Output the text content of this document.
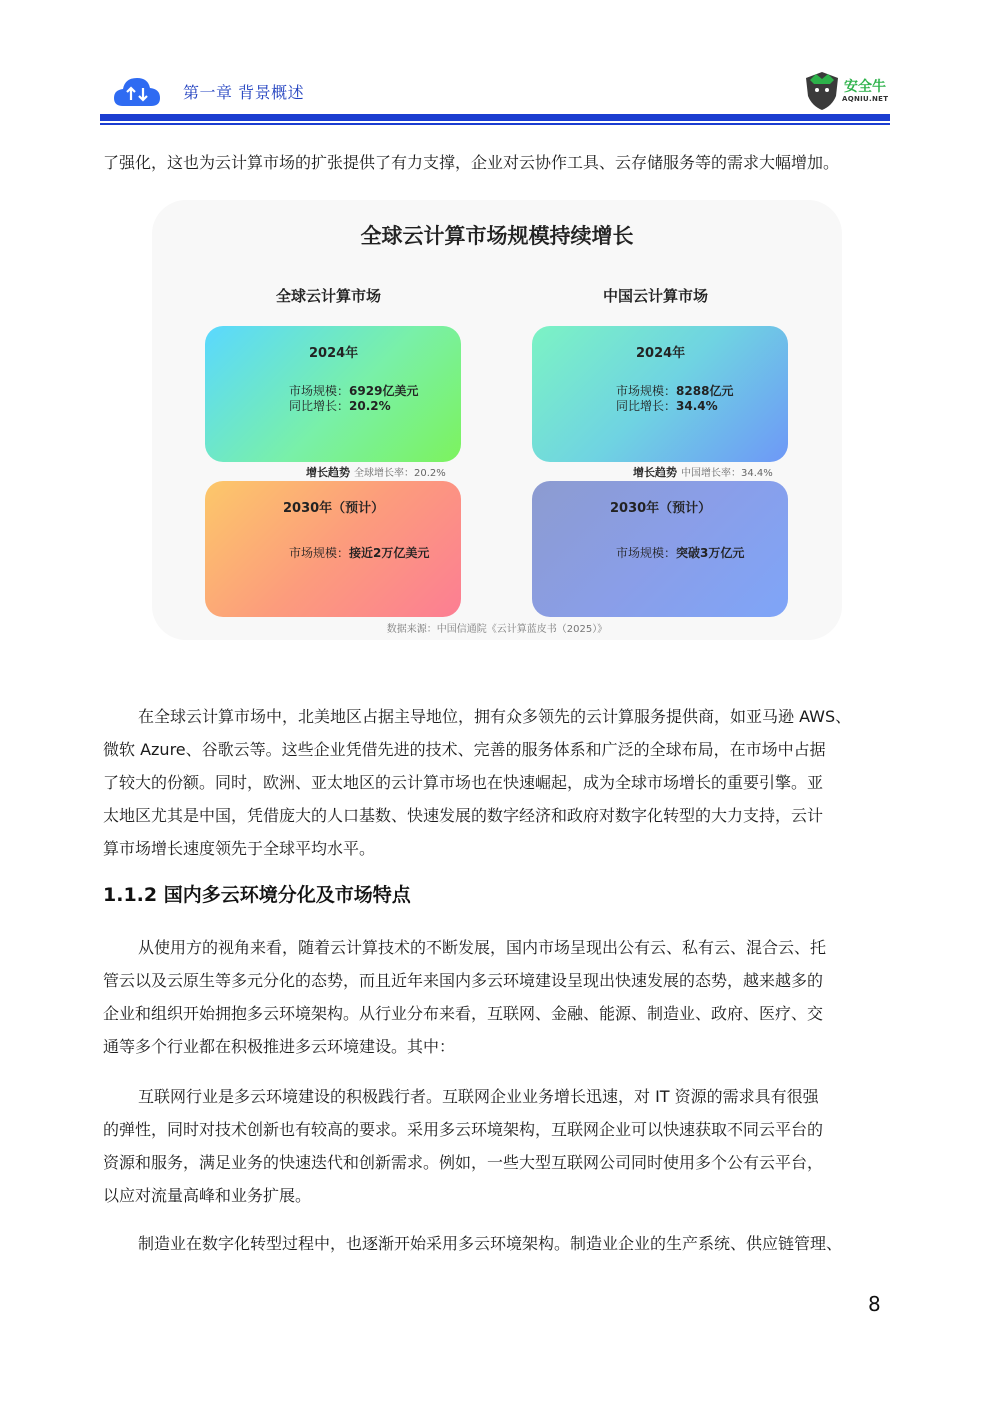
第一章 背景概述	安全牛
AQNIU.NET
了强化，这也为云计算市场的扩张提供了有力支撑，企业对云协作工具、云存储服务等的需求大幅增加。
全球云计算市场规模持续增长
全球云计算市场	中国云计算市场
2024年
市场规模：6929亿美元
同比增长：20.2%
增长趋势 全球增长率：20.2%
2030年（预计）
市场规模：接近2万亿美元
2024年
市场规模：8288亿元
同比增长：34.4%
增长趋势 中国增长率：34.4%
2030年（预计）
市场规模：突破3万亿元
数据来源：中国信通院《云计算蓝皮书（2025）》
在全球云计算市场中，北美地区占据主导地位，拥有众多领先的云计算服务提供商，如亚马逊 AWS、
微软 Azure、谷歌云等。这些企业凭借先进的技术、完善的服务体系和广泛的全球布局，在市场中占据
了较大的份额。同时，欧洲、亚太地区的云计算市场也在快速崛起，成为全球市场增长的重要引擎。亚
太地区尤其是中国，凭借庞大的人口基数、快速发展的数字经济和政府对数字化转型的大力支持，云计
算市场增长速度领先于全球平均水平。
1.1.2 国内多云环境分化及市场特点
从使用方的视角来看，随着云计算技术的不断发展，国内市场呈现出公有云、私有云、混合云、托
管云以及云原生等多元分化的态势，而且近年来国内多云环境建设呈现出快速发展的态势，越来越多的
企业和组织开始拥抱多云环境架构。从行业分布来看，互联网、金融、能源、制造业、政府、医疗、交
通等多个行业都在积极推进多云环境建设。其中：
互联网行业是多云环境建设的积极践行者。互联网企业业务增长迅速，对 IT 资源的需求具有很强
的弹性，同时对技术创新也有较高的要求。采用多云环境架构，互联网企业可以快速获取不同云平台的
资源和服务，满足业务的快速迭代和创新需求。例如，一些大型互联网公司同时使用多个公有云平台，
以应对流量高峰和业务扩展。
制造业在数字化转型过程中，也逐渐开始采用多云环境架构。制造业企业的生产系统、供应链管理、
8
